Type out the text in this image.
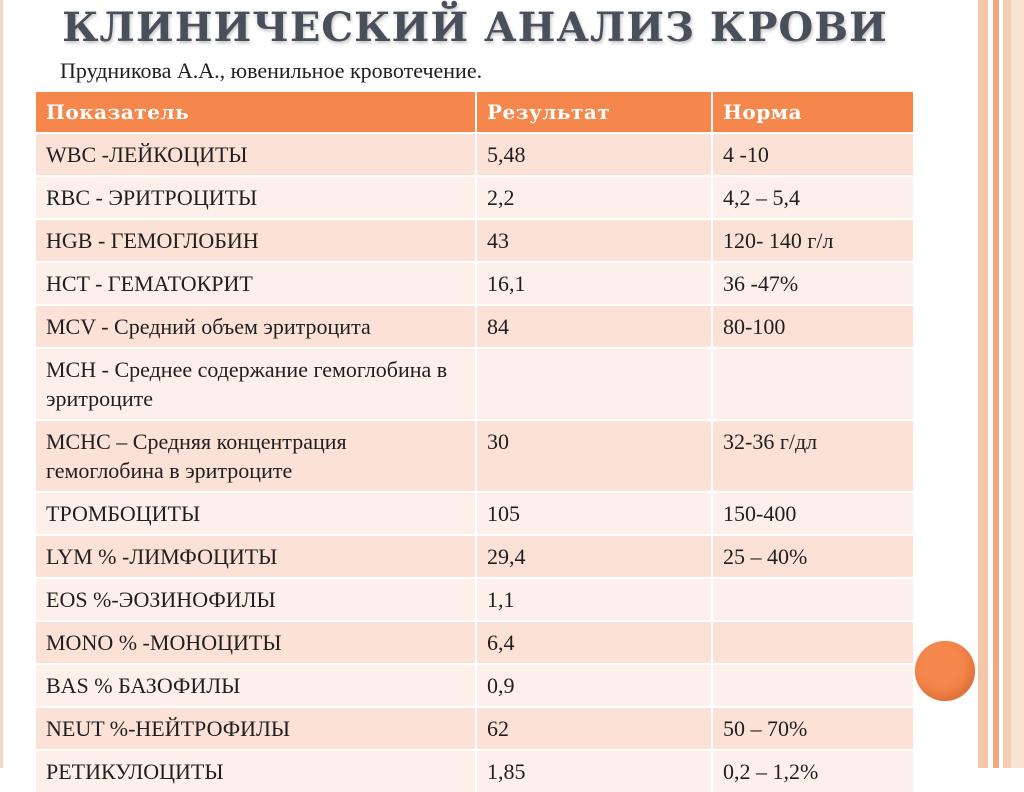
КЛИНИЧЕСКИЙ АНАЛИЗ КРОВИ
Прудникова А.А., ювенильное кровотечение.
Показатель	Результат	Норма
WBC -ЛЕЙКОЦИТЫ	5,48	4 -10
RBC - ЭРИТРОЦИТЫ	2,2	4,2 – 5,4
HGB - ГЕМОГЛОБИН	43	120- 140 г/л
HCT - ГЕМАТОКРИТ	16,1	36 -47%
MCV - Средний объем эритроцита	84	80-100
MCH - Среднее содержание гемоглобина в эритроците		
MCHC – Средняя концентрация гемоглобина в эритроците	30	32-36 г/дл
ТРОМБОЦИТЫ	105	150-400
LYM % -ЛИМФОЦИТЫ	29,4	25 – 40%
EOS %-ЭОЗИНОФИЛЫ	1,1	
MONO % -МОНОЦИТЫ	6,4	
BAS % БАЗОФИЛЫ	0,9	
NEUT %-НЕЙТРОФИЛЫ	62	50 – 70%
РЕТИКУЛОЦИТЫ	1,85	0,2 – 1,2%
